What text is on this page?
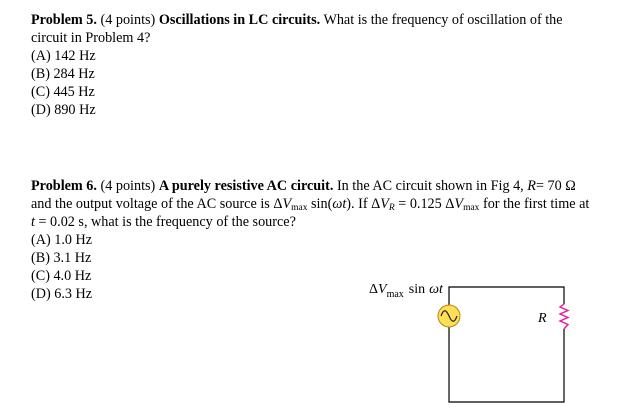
Problem 5. (4 points) Oscillations in LC circuits. What is the frequency of oscillation of the
circuit in Problem 4?
(A) 142 Hz
(B) 284 Hz
(C) 445 Hz
(D) 890 Hz
Problem 6. (4 points) A purely resistive AC circuit. In the AC circuit shown in Fig 4, R= 70 Ω
and the output voltage of the AC source is $\Delta V_{max}$ sin(ωt). If $\Delta V_R = 0.125$ $\Delta V_{max}$ for the first time at
t = 0.02 s, what is the frequency of the source?
(A) 1.0 Hz
(B) 3.1 Hz
(C) 4.0 Hz
(D) 6.3 Hz	$\Delta V_{max}$ sin ωt
R
